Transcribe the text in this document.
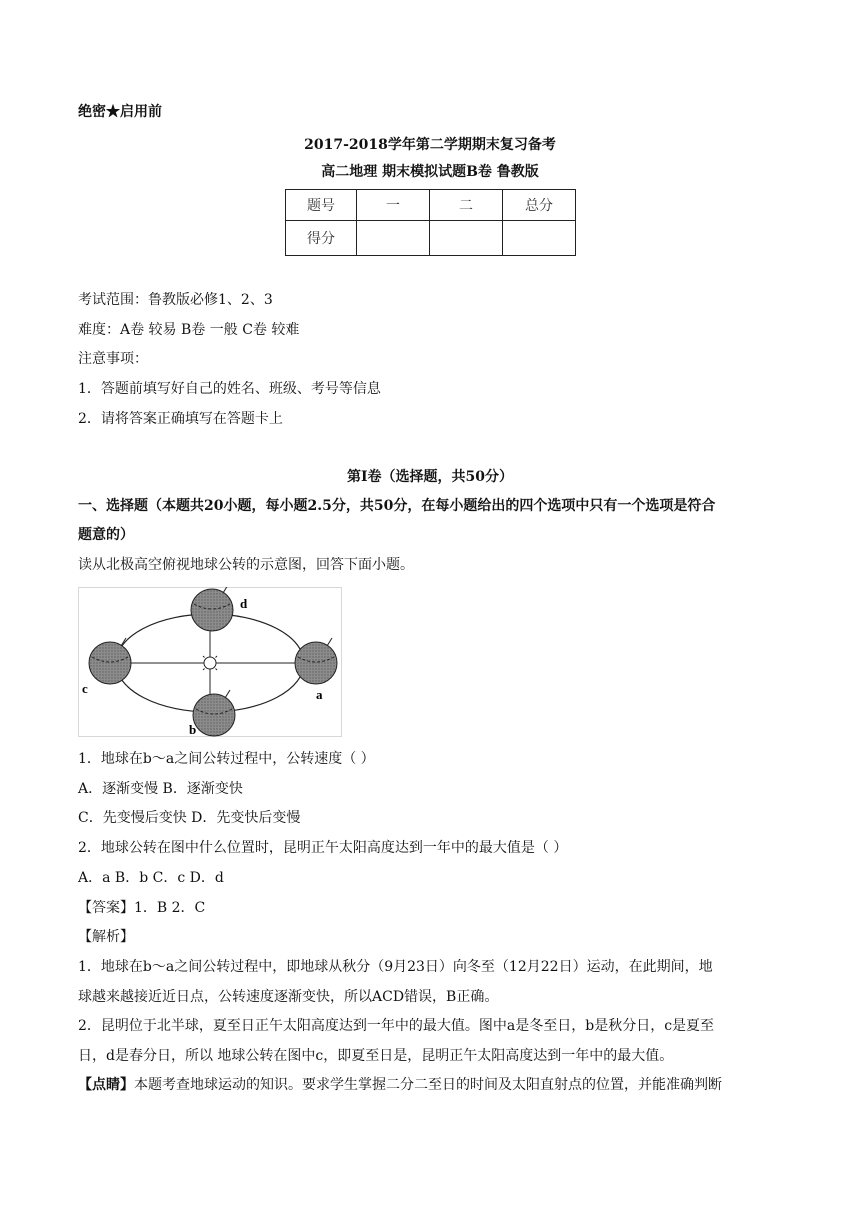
绝密★启用前
2017-2018学年第二学期期末复习备考
高二地理 期末模拟试题B卷 鲁教版
题号	一	二	总分
得分			
考试范围：鲁教版必修1、2、3
难度：A卷 较易 B卷 一般 C卷 较难
注意事项：
1．答题前填写好自己的姓名、班级、考号等信息
2．请将答案正确填写在答题卡上
第I卷（选择题，共50分）
一、选择题（本题共20小题，每小题2.5分，共50分，在每小题给出的四个选项中只有一个选项是符合
题意的）
读从北极高空俯视地球公转的示意图，回答下面小题。
d
a
b
c
1．地球在b～a之间公转过程中，公转速度（ ）
A．逐渐变慢 B．逐渐变快
C．先变慢后变快 D．先变快后变慢
2．地球公转在图中什么位置时，昆明正午太阳高度达到一年中的最大值是（ ）
A．a B．b C．c D．d
【答案】1．B 2．C
【解析】
1．地球在b～a之间公转过程中，即地球从秋分（9月23日）向冬至（12月22日）运动，在此期间，地
球越来越接近近日点，公转速度逐渐变快，所以ACD错误，B正确。
2．昆明位于北半球，夏至日正午太阳高度达到一年中的最大值。图中a是冬至日，b是秋分日，c是夏至
日，d是春分日，所以 地球公转在图中c，即夏至日是，昆明正午太阳高度达到一年中的最大值。
【点睛】本题考查地球运动的知识。要求学生掌握二分二至日的时间及太阳直射点的位置，并能准确判断
